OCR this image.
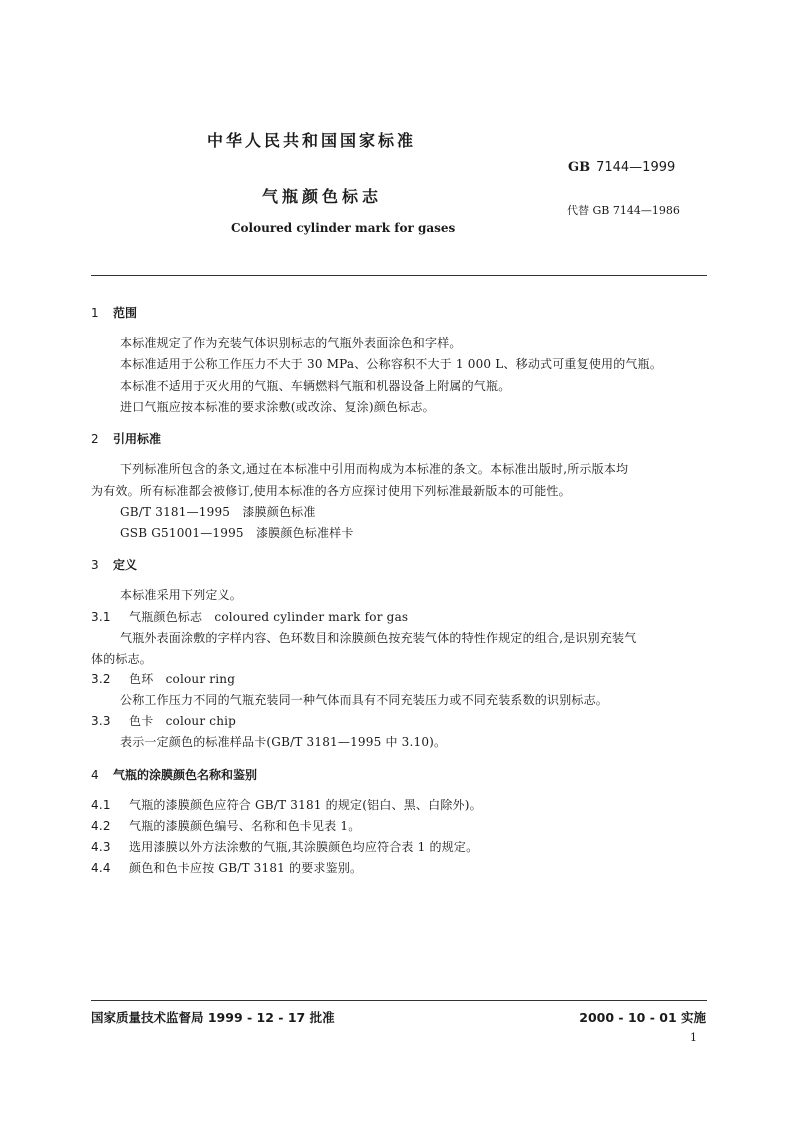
中华人民共和国国家标准
GB 7144—1999
气瓶颜色标志
代替 GB 7144—1986
Coloured cylinder mark for gases
1 范围
本标准规定了作为充装气体识别标志的气瓶外表面涂色和字样。
本标准适用于公称工作压力不大于 30 MPa、公称容积不大于 1 000 L、移动式可重复使用的气瓶。
本标准不适用于灭火用的气瓶、车辆燃料气瓶和机器设备上附属的气瓶。
进口气瓶应按本标准的要求涂敷(或改涂、复涂)颜色标志。
2 引用标准
下列标准所包含的条文,通过在本标准中引用而构成为本标准的条文。本标准出版时,所示版本均
为有效。所有标准都会被修订,使用本标准的各方应探讨使用下列标准最新版本的可能性。
GB/T 3181—1995　漆膜颜色标准
GSB G51001—1995　漆膜颜色标准样卡
3 定义
本标准采用下列定义。
3.1 气瓶颜色标志　coloured cylinder mark for gas
气瓶外表面涂敷的字样内容、色环数目和涂膜颜色按充装气体的特性作规定的组合,是识别充装气
体的标志。
3.2 色环　colour ring
公称工作压力不同的气瓶充装同一种气体而具有不同充装压力或不同充装系数的识别标志。
3.3 色卡　colour chip
表示一定颜色的标准样品卡(GB/T 3181—1995 中 3.10)。
4 气瓶的涂膜颜色名称和鉴别
4.1 气瓶的漆膜颜色应符合 GB/T 3181 的规定(铝白、黑、白除外)。
4.2 气瓶的漆膜颜色编号、名称和色卡见表 1。
4.3 选用漆膜以外方法涂敷的气瓶,其涂膜颜色均应符合表 1 的规定。
4.4 颜色和色卡应按 GB/T 3181 的要求鉴别。
国家质量技术监督局 1999 - 12 - 17 批准	2000 - 10 - 01 实施
1
